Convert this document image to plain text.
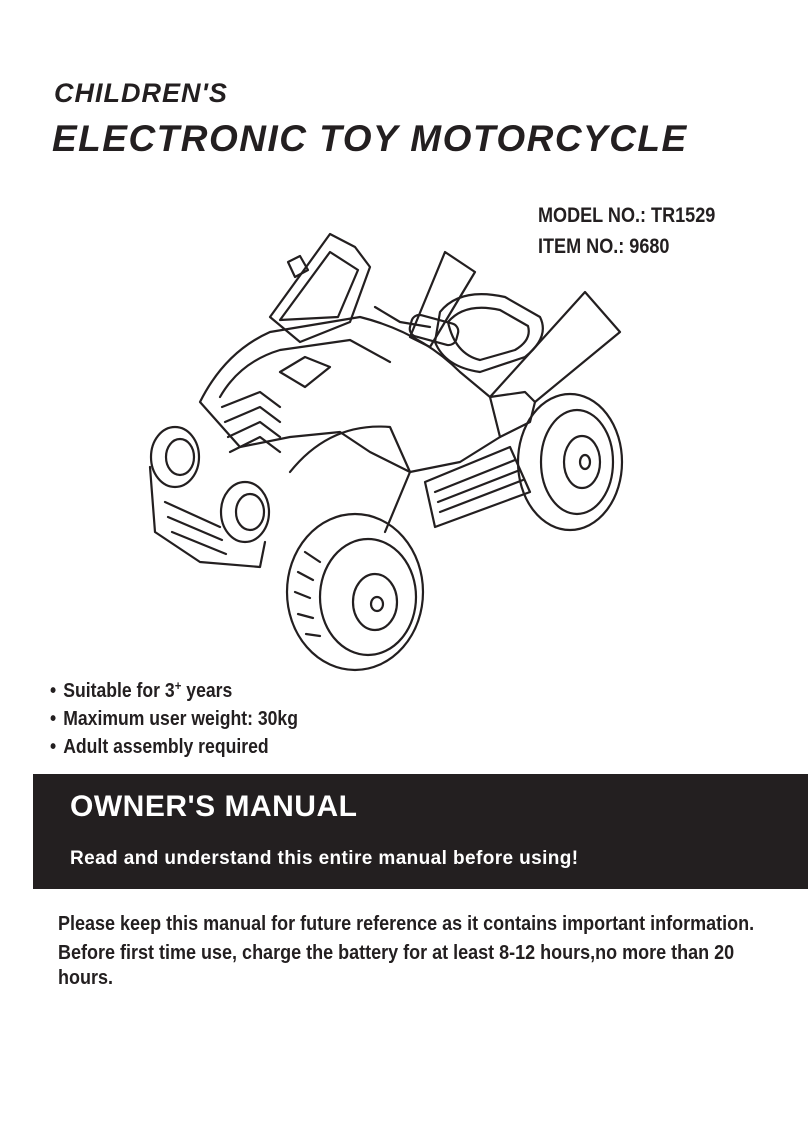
CHILDREN'S
ELECTRONIC TOY MOTORCYCLE
MODEL NO.: TR1529
ITEM NO.: 9680
• Suitable for 3+ years
• Maximum user weight: 30kg
• Adult assembly required
OWNER'S MANUAL
Read and understand this entire manual before using!

Please keep this manual for future reference as it contains important information.

Before first time use, charge the battery for at least 8-12 hours,no more than 20 hours.
